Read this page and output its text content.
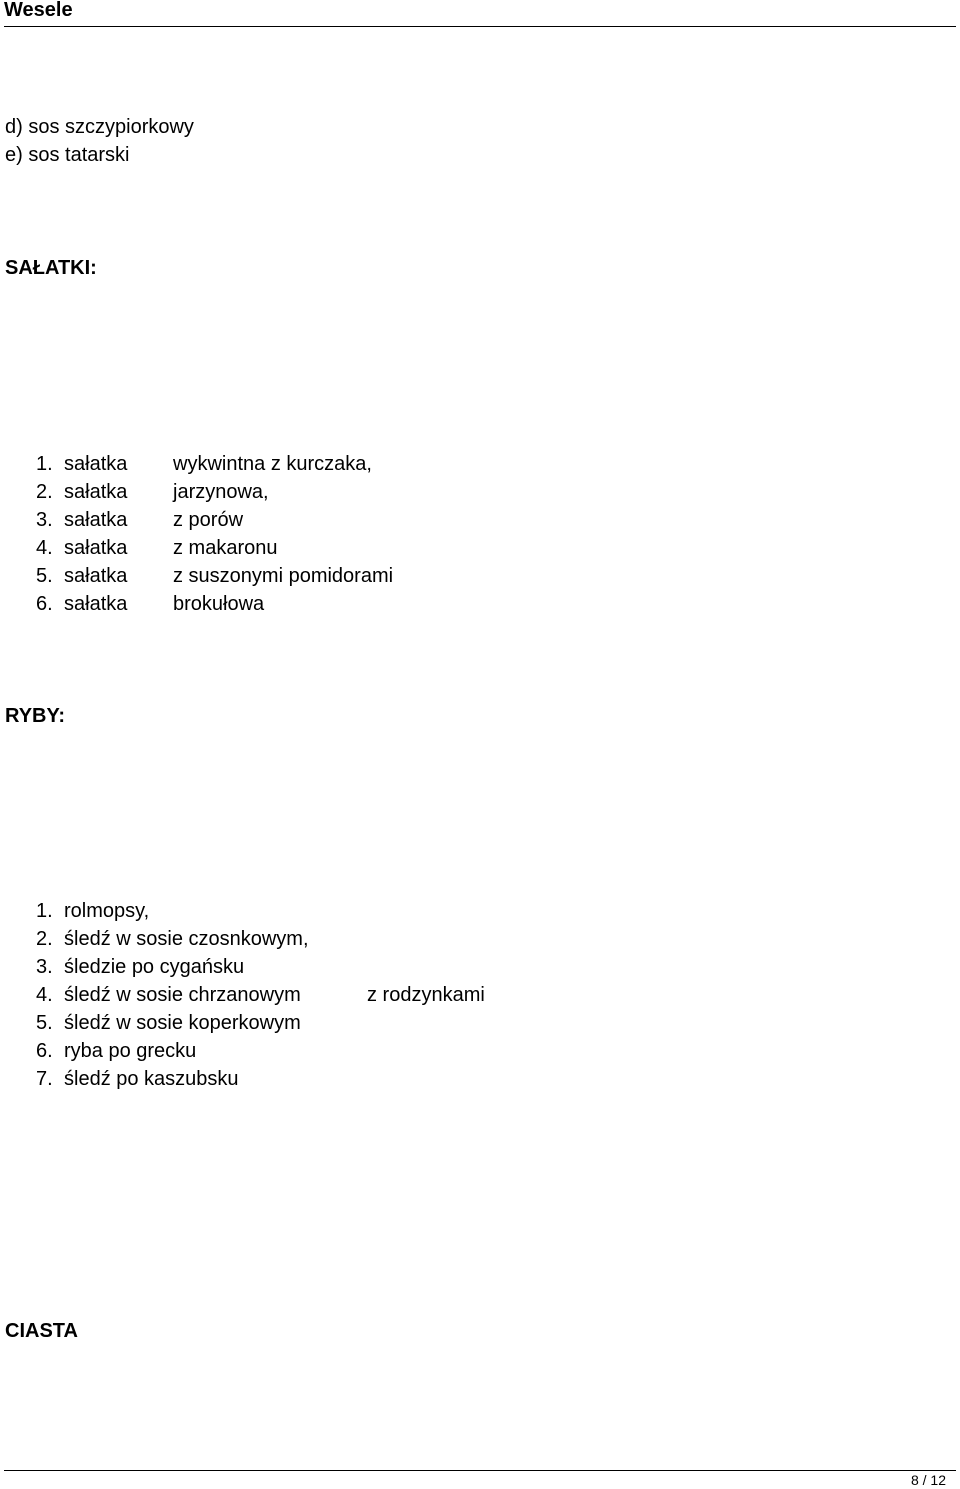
Wesele
d) sos szczypiorkowy
e) sos tatarski
SAŁATKI:
1. sałatka wykwintna z kurczaka,
2. sałatka jarzynowa,
3. sałatka z porów
4. sałatka z makaronu
5. sałatka z suszonymi pomidorami
6. sałatka brokułowa
RYBY:
1. rolmopsy,
2. śledź w sosie czosnkowym,
3. śledzie po cygańsku
4. śledź w sosie chrzanowym	z rodzynkami
5. śledź w sosie koperkowym
6. ryba po grecku
7. śledź po kaszubsku
CIASTA
8 / 12
